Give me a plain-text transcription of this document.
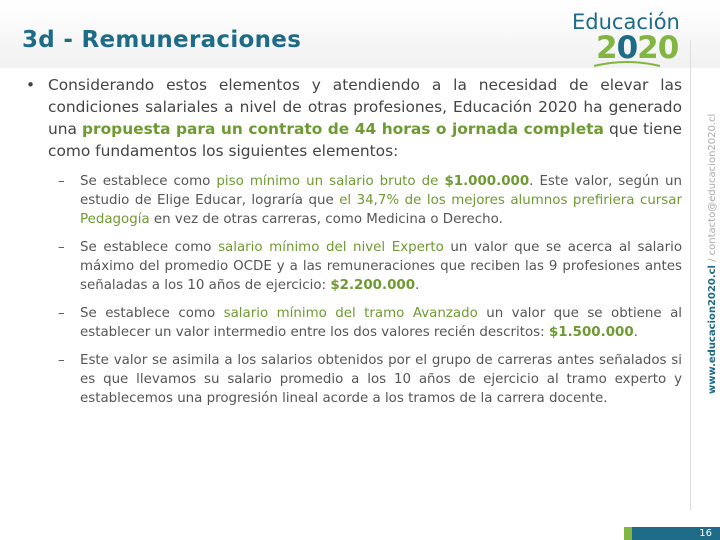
3d - Remuneraciones
Educación
2020
www.educacion2020.cl / contacto@educacion2020.cl
• Considerando estos elementos y atendiendo a la necesidad de elevar las condiciones salariales a nivel de otras profesiones, Educación 2020 ha generado una propuesta para un contrato de 44 horas o jornada completa que tiene como fundamentos los siguientes elementos:
– Se establece como piso mínimo un salario bruto de $1.000.000. Este valor, según un estudio de Elige Educar, lograría que el 34,7% de los mejores alumnos prefiriera cursar Pedagogía en vez de otras carreras, como Medicina o Derecho.
– Se establece como salario mínimo del nivel Experto un valor que se acerca al salario máximo del promedio OCDE y a las remuneraciones que reciben las 9 profesiones antes señaladas a los 10 años de ejercicio: $2.200.000.
– Se establece como salario mínimo del tramo Avanzado un valor que se obtiene al establecer un valor intermedio entre los dos valores recién descritos: $1.500.000.
– Este valor se asimila a los salarios obtenidos por el grupo de carreras antes señalados si es que llevamos su salario promedio a los 10 años de ejercicio al tramo experto y establecemos una progresión lineal acorde a los tramos de la carrera docente.
16
